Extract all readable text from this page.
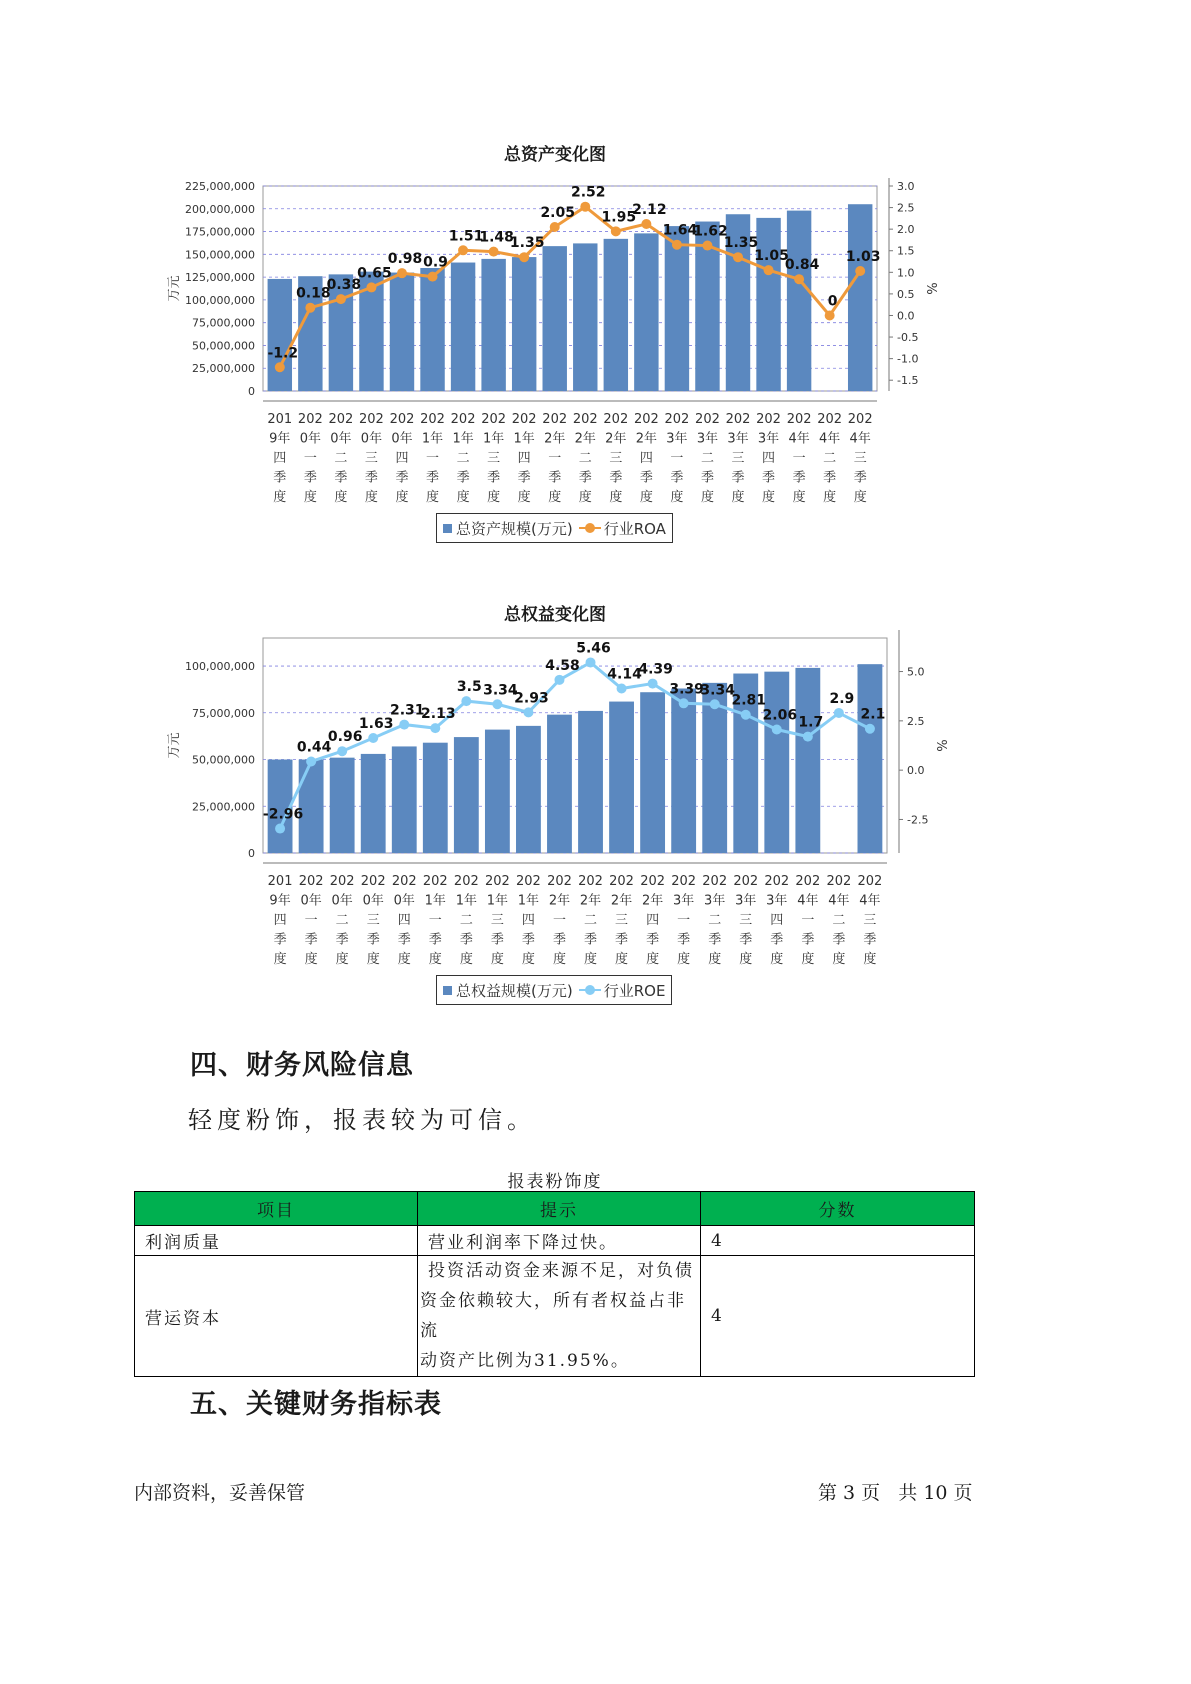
总资产变化图
0
25,000,000
50,000,000
75,000,000
100,000,000
125,000,000
150,000,000
175,000,000
200,000,000
225,000,000
-1.5
-1.0
-0.5
0.0
0.5
1.0
1.5
2.0
2.5
3.0
万元	%
-1.2
0.18
0.38
0.65
0.98 0.9
1.51
1.48
1.35
2.05
2.52
1.95
2.12
1.64
1.62
1.35
1.05
0.84
0
1.03
201
9年
四
季
度
202
0年
一
季
度
202
0年
二
季
度
202
0年
三
季
度
202
0年
四
季
度
202
1年
一
季
度
202
1年
二
季
度
202
1年
三
季
度
202
1年
四
季
度
202
2年
一
季
度
202
2年
二
季
度
202
2年
三
季
度
202
2年
四
季
度
202
3年
一
季
度
202
3年
二
季
度
202
3年
三
季
度
202
3年
四
季
度
202
4年
一
季
度
202
4年
二
季
度
202
4年
三
季
度
总资产规模(万元) 行业ROA
总权益变化图
0
25,000,000
50,000,000
75,000,000
100,000,000
-2.5
0.0
2.5
5.0
万元	%
-2.96
0.44
0.96
1.63
2.31
2.13
3.5 3.34
2.93
4.58
5.46
4.14
4.39
3.39
3.34
2.81
2.06 1.7
2.9
2.1
201
9年
四
季
度
202
0年
一
季
度
202
0年
二
季
度
202
0年
三
季
度
202
0年
四
季
度
202
1年
一
季
度
202
1年
二
季
度
202
1年
三
季
度
202
1年
四
季
度
202
2年
一
季
度
202
2年
二
季
度
202
2年
三
季
度
202
2年
四
季
度
202
3年
一
季
度
202
3年
二
季
度
202
3年
三
季
度
202
3年
四
季
度
202
4年
一
季
度
202
4年
二
季
度
202
4年
三
季
度
总权益规模(万元) 行业ROE
四、财务风险信息
轻度粉饰，报表较为可信。
报表粉饰度
项目	提示	分数
利润质量	营业利润率下降过快。	4
营运资本	投资活动资金来源不足，对负债
资金依赖较大，所有者权益占非流
动资产比例为31.95%。	4
五、关键财务指标表
内部资料，妥善保管	第 3 页   共 10 页
